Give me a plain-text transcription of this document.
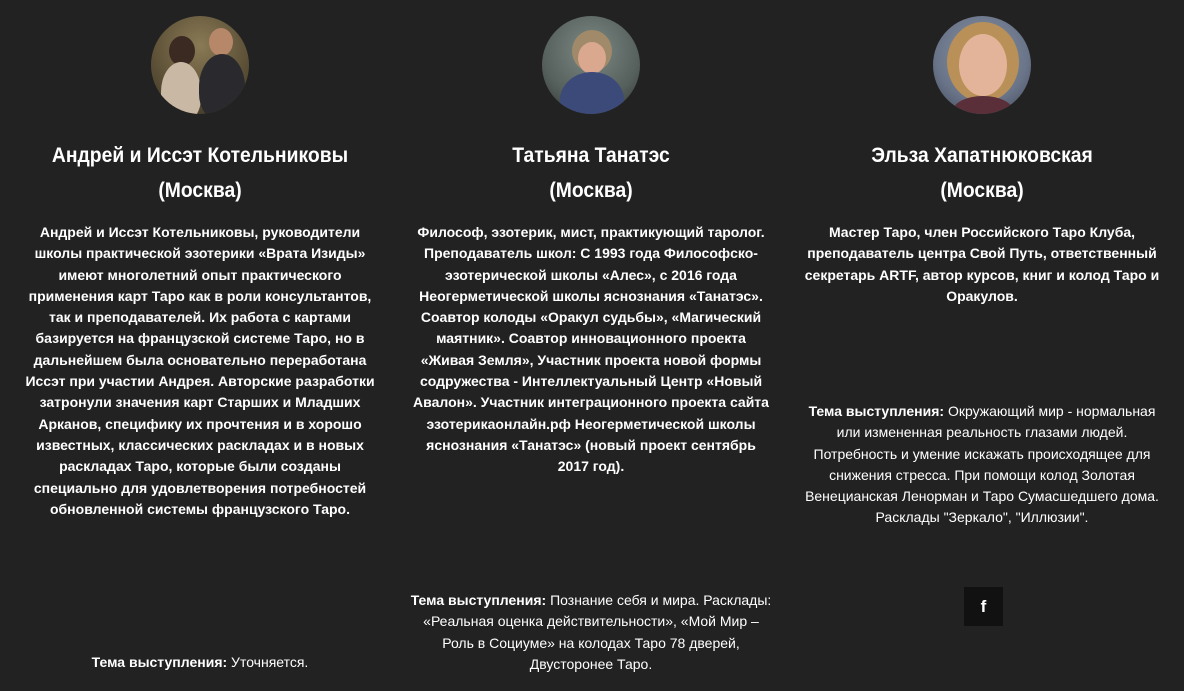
Андрей и Иссэт Котельниковы
(Москва)
Андрей и Иссэт Котельниковы, руководители школы практической эзотерики «Врата Изиды» имеют многолетний опыт практического применения карт Таро как в роли консультантов, так и преподавателей. Их работа с картами базируется на французской системе Таро, но в дальнейшем была основательно переработана Иссэт при участии Андрея. Авторские разработки затронули значения карт Старших и Младших Арканов, специфику их прочтения и в хорошо известных, классических раскладах и в новых раскладах Таро, которые были созданы специально для удовлетворения потребностей обновленной системы французского Таро.
Тема выступления: Уточняется.
Татьяна Танатэс
(Москва)
Философ, эзотерик, мист, практикующий таролог. Преподаватель школ: С 1993 года Философско-эзотерической школы «Алес», с 2016 года Неогерметической школы яснознания «Танатэс». Соавтор колоды «Оракул судьбы», «Магический маятник». Соавтор инновационного проекта «Живая Земля», Участник проекта новой формы содружества - Интеллектуальный Центр «Новый Авалон». Участник интеграционного проекта сайта эзотерикаонлайн.рф Неогерметической школы яснознания «Танатэс» (новый проект сентябрь 2017 год).
Тема выступления: Познание себя и мира. Расклады: «Реальная оценка действительности», «Мой Мир – Роль в Социуме» на колодах Таро 78 дверей, Двусторонее Таро.
Эльза Хапатнюковская
(Москва)
Мастер Таро, член Российского Таро Клуба, преподаватель центра Свой Путь, ответственный секретарь ARTF, автор курсов, книг и колод Таро и Оракулов.
Тема выступления: Окружающий мир - нормальная или измененная реальность глазами людей. Потребность и умение искажать происходящее для снижения стресса. При помощи колод Золотая Венецианская Ленорман и Таро Сумасшедшего дома. Расклады "Зеркало", "Иллюзии".
f
